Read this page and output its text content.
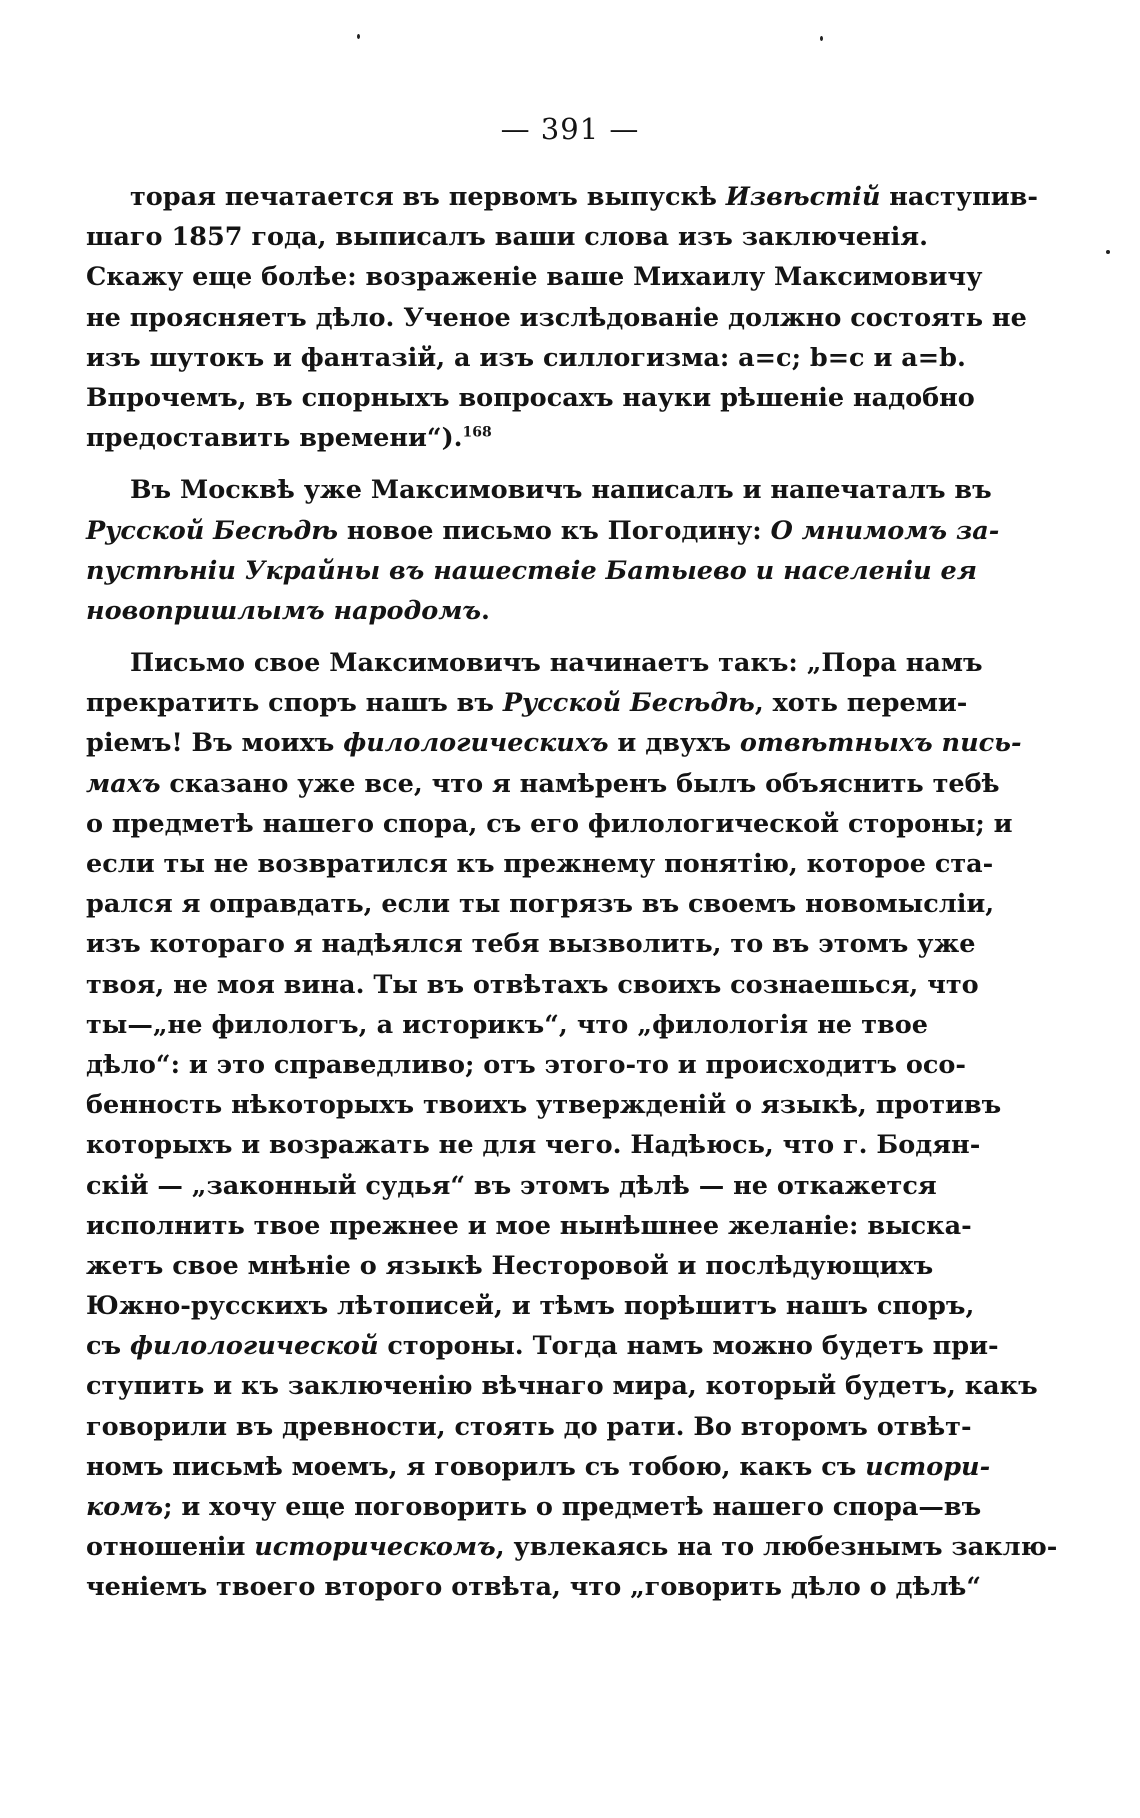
— 391 —
торая печатается въ первомъ выпускѣ Извѣстій наступив-
шаго 1857 года, выписалъ ваши слова изъ заключенія.
Скажу еще болѣе: возраженіе ваше Михаилу Максимовичу
не проясняетъ дѣло. Ученое изслѣдованіе должно состоять не
изъ шутокъ и фантазій, а изъ силлогизма: а=с; b=с и а=b.
Впрочемъ, въ спорныхъ вопросахъ науки рѣшеніе надобно
предоставить времени“).$^{168}$
Въ Москвѣ уже Максимовичъ написалъ и напечаталъ въ
Русской Бесѣдѣ новое письмо къ Погодину: О мнимомъ за-
пустѣніи Украйны въ нашествіе Батыево и населеніи ея
новопришлымъ народомъ.
Письмо свое Максимовичъ начинаетъ такъ: „Пора намъ
прекратить споръ нашъ въ Русской Бесѣдѣ, хоть переми-
ріемъ! Въ моихъ филологическихъ и двухъ отвѣтныхъ пись-
махъ сказано уже все, что я намѣренъ былъ объяснить тебѣ
о предметѣ нашего спора, съ его филологической стороны; и
если ты не возвратился къ прежнему понятію, которое ста-
рался я оправдать, если ты погрязъ въ своемъ новомысліи,
изъ котораго я надѣялся тебя вызволить, то въ этомъ уже
твоя, не моя вина. Ты въ отвѣтахъ своихъ сознаешься, что
ты—„не филологъ, а историкъ“, что „филологія не твое
дѣло“: и это справедливо; отъ этого-то и происходитъ осо-
бенность нѣкоторыхъ твоихъ утвержденій о языкѣ, противъ
которыхъ и возражать не для чего. Надѣюсь, что г. Бодян-
скій — „законный судья“ въ этомъ дѣлѣ — не откажется
исполнить твое прежнее и мое нынѣшнее желаніе: выска-
жетъ свое мнѣніе о языкѣ Несторовой и послѣдующихъ
Южно-русскихъ лѣтописей, и тѣмъ порѣшитъ нашъ споръ,
съ филологической стороны. Тогда намъ можно будетъ при-
ступить и къ заключенію вѣчнаго мира, который будетъ, какъ
говорили въ древности, стоять до рати. Во второмъ отвѣт-
номъ письмѣ моемъ, я говорилъ съ тобою, какъ съ истори-
комъ; и хочу еще поговорить о предметѣ нашего спора—въ
отношеніи историческомъ, увлекаясь на то любезнымъ заклю-
ченіемъ твоего второго отвѣта, что „говорить дѣло о дѣлѣ“
